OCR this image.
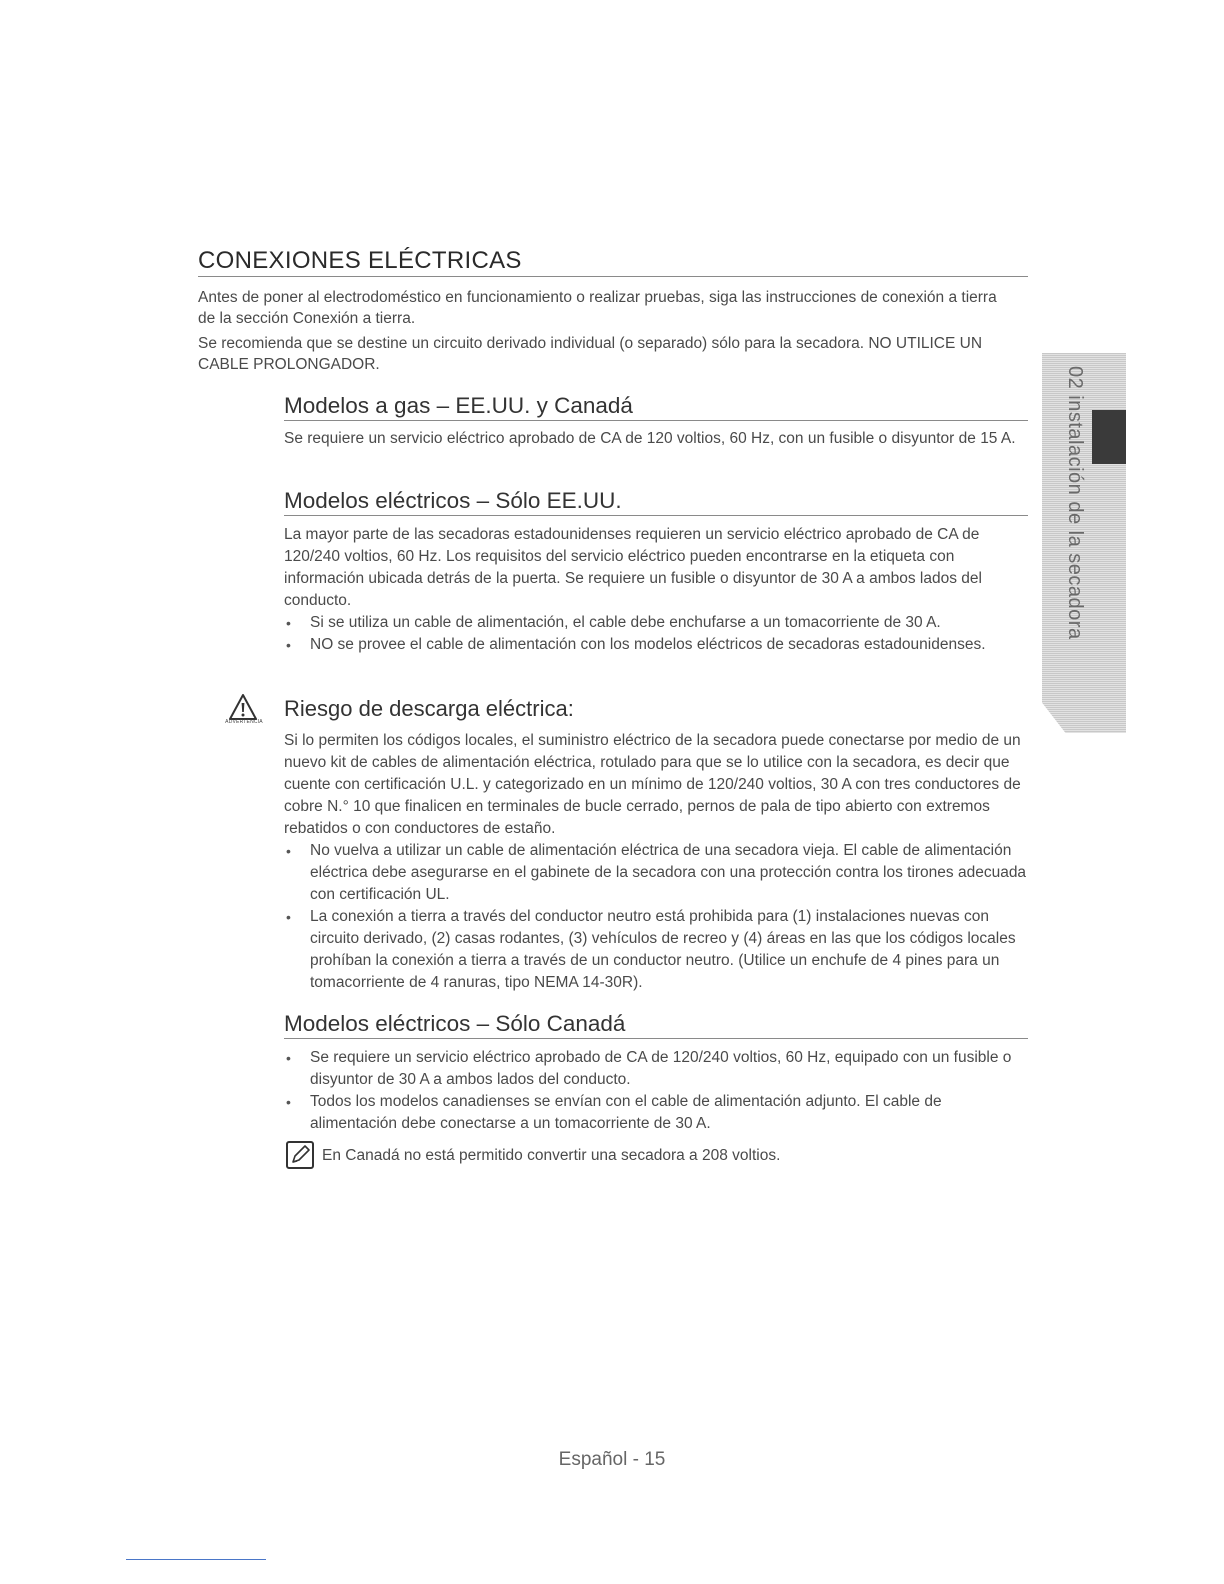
CONEXIONES ELÉCTRICAS

Antes de poner al electrodoméstico en funcionamiento o realizar pruebas, siga las instrucciones de conexión a tierra de la sección Conexión a tierra.

Se recomienda que se destine un circuito derivado individual (o separado) sólo para la secadora. NO UTILICE UN CABLE PROLONGADOR.

Modelos a gas – EE.UU. y Canadá

Se requiere un servicio eléctrico aprobado de CA de 120 voltios, 60 Hz, con un fusible o disyuntor de 15 A.

Modelos eléctricos – Sólo EE.UU.

La mayor parte de las secadoras estadounidenses requieren un servicio eléctrico aprobado de CA de 120/240 voltios, 60 Hz. Los requisitos del servicio eléctrico pueden encontrarse en la etiqueta con información ubicada detrás de la puerta. Se requiere un fusible o disyuntor de 30 A a ambos lados del conducto.

• Si se utiliza un cable de alimentación, el cable debe enchufarse a un tomacorriente de 30 A.
• NO se provee el cable de alimentación con los modelos eléctricos de secadoras estadounidenses.
ADVERTENCIA
Riesgo de descarga eléctrica:

Si lo permiten los códigos locales, el suministro eléctrico de la secadora puede conectarse por medio de un nuevo kit de cables de alimentación eléctrica, rotulado para que se lo utilice con la secadora, es decir que cuente con certificación U.L. y categorizado en un mínimo de 120/240 voltios, 30 A con tres conductores de cobre N.° 10 que finalicen en terminales de bucle cerrado, pernos de pala de tipo abierto con extremos rebatidos o con conductores de estaño.

• No vuelva a utilizar un cable de alimentación eléctrica de una secadora vieja. El cable de alimentación eléctrica debe asegurarse en el gabinete de la secadora con una protección contra los tirones adecuada con certificación UL.
• La conexión a tierra a través del conductor neutro está prohibida para (1) instalaciones nuevas con circuito derivado, (2) casas rodantes, (3) vehículos de recreo y (4) áreas en las que los códigos locales prohíban la conexión a tierra a través de un conductor neutro. (Utilice un enchufe de 4 pines para un tomacorriente de 4 ranuras, tipo NEMA 14-30R).
Modelos eléctricos – Sólo Canadá
• Se requiere un servicio eléctrico aprobado de CA de 120/240 voltios, 60 Hz, equipado con un fusible o disyuntor de 30 A a ambos lados del conducto.
• Todos los modelos canadienses se envían con el cable de alimentación adjunto. El cable de alimentación debe conectarse a un tomacorriente de 30 A.
En Canadá no está permitido convertir una secadora a 208 voltios.
02 instalación de la secadora
Español - 15
